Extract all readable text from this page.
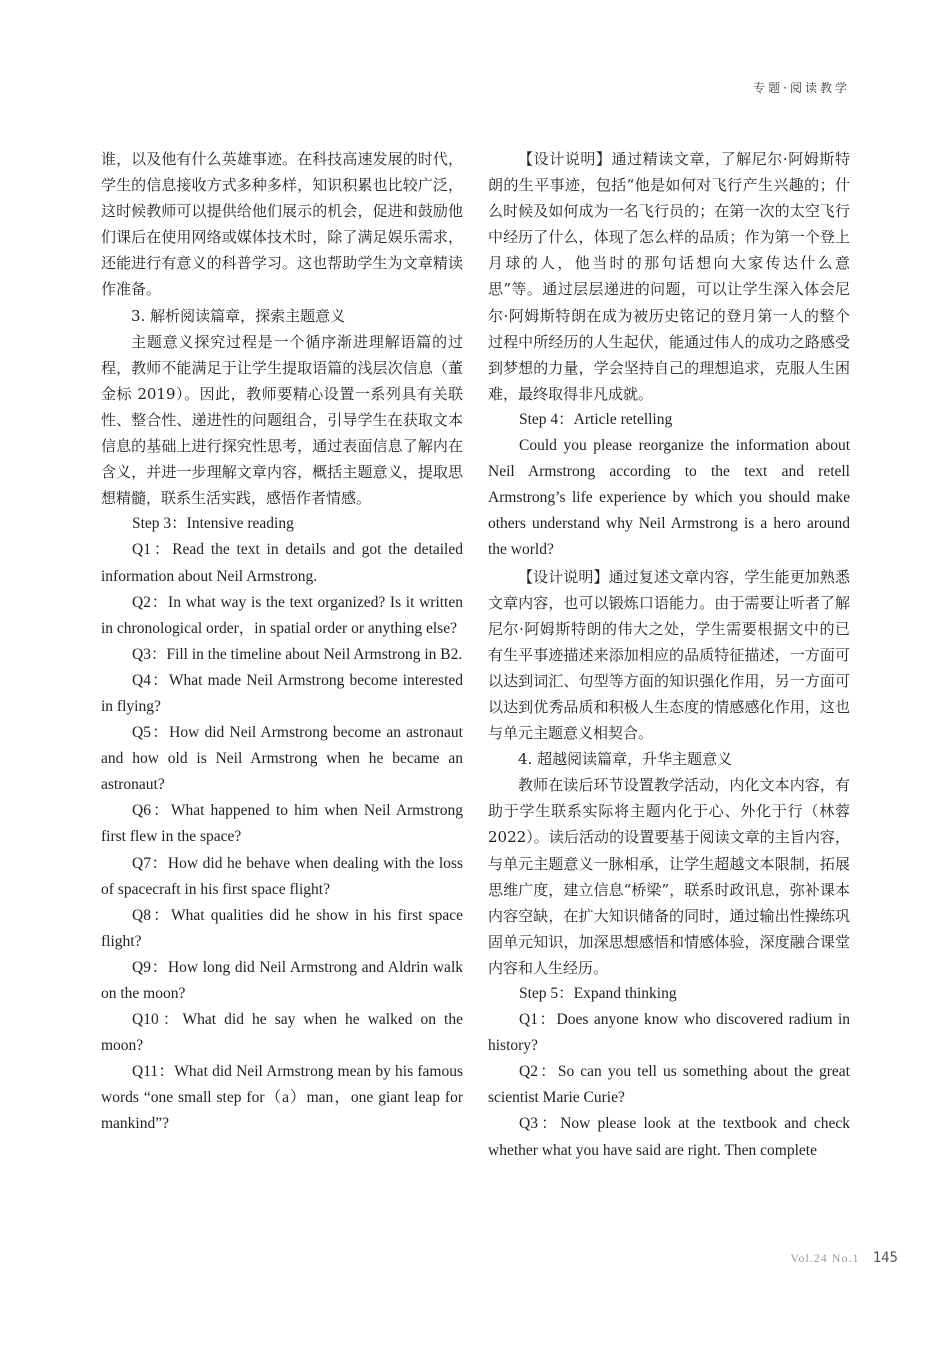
专题·阅读教学

谁，以及他有什么英雄事迹。在科技高速发展的时代，学生的信息接收方式多种多样，知识积累也比较广泛，这时候教师可以提供给他们展示的机会，促进和鼓励他们课后在使用网络或媒体技术时，除了满足娱乐需求，还能进行有意义的科普学习。这也帮助学生为文章精读作准备。

3. 解析阅读篇章，探索主题意义

主题意义探究过程是一个循序渐进理解语篇的过程，教师不能满足于让学生提取语篇的浅层次信息（董金标 2019）。因此，教师要精心设置一系列具有关联性、整合性、递进性的问题组合，引导学生在获取文本信息的基础上进行探究性思考，通过表面信息了解内在含义，并进一步理解文章内容，概括主题意义，提取思想精髓，联系生活实践，感悟作者情感。

Step 3：Intensive reading

Q1：Read the text in details and got the detailed information about Neil Armstrong.

Q2：In what way is the text organized? Is it written in chronological order，in spatial order or anything else?

Q3：Fill in the timeline about Neil Armstrong in B2.

Q4：What made Neil Armstrong become interested in flying?

Q5：How did Neil Armstrong become an astronaut and how old is Neil Armstrong when he became an astronaut?

Q6：What happened to him when Neil Armstrong first flew in the space?

Q7：How did he behave when dealing with the loss of spacecraft in his first space flight?

Q8：What qualities did he show in his first space flight?

Q9：How long did Neil Armstrong and Aldrin walk on the moon?

Q10：What did he say when he walked on the moon?

Q11：What did Neil Armstrong mean by his famous words “one small step for（a）man，one giant leap for mankind”?

【设计说明】通过精读文章，了解尼尔·阿姆斯特朗的生平事迹，包括“他是如何对飞行产生兴趣的；什么时候及如何成为一名飞行员的；在第一次的太空飞行中经历了什么，体现了怎么样的品质；作为第一个登上月球的人，他当时的那句话想向大家传达什么意思”等。通过层层递进的问题，可以让学生深入体会尼尔·阿姆斯特朗在成为被历史铭记的登月第一人的整个过程中所经历的人生起伏，能通过伟人的成功之路感受到梦想的力量，学会坚持自己的理想追求，克服人生困难，最终取得非凡成就。

Step 4：Article retelling

Could you please reorganize the information about Neil Armstrong according to the text and retell Armstrong’s life experience by which you should make others understand why Neil Armstrong is a hero around the world?

【设计说明】通过复述文章内容，学生能更加熟悉文章内容，也可以锻炼口语能力。由于需要让听者了解尼尔·阿姆斯特朗的伟大之处，学生需要根据文中的已有生平事迹描述来添加相应的品质特征描述，一方面可以达到词汇、句型等方面的知识强化作用，另一方面可以达到优秀品质和积极人生态度的情感感化作用，这也与单元主题意义相契合。

4. 超越阅读篇章，升华主题意义

教师在读后环节设置教学活动，内化文本内容，有助于学生联系实际将主题内化于心、外化于行（林蓉 2022）。读后活动的设置要基于阅读文章的主旨内容，与单元主题意义一脉相承，让学生超越文本限制，拓展思维广度，建立信息“桥梁”，联系时政讯息，弥补课本内容空缺，在扩大知识储备的同时，通过输出性操练巩固单元知识，加深思想感悟和情感体验，深度融合课堂内容和人生经历。

Step 5：Expand thinking

Q1：Does anyone know who discovered radium in history?

Q2：So can you tell us something about the great scientist Marie Curie?

Q3：Now please look at the textbook and check whether what you have said are right. Then complete

Vol.24 No.1 145
